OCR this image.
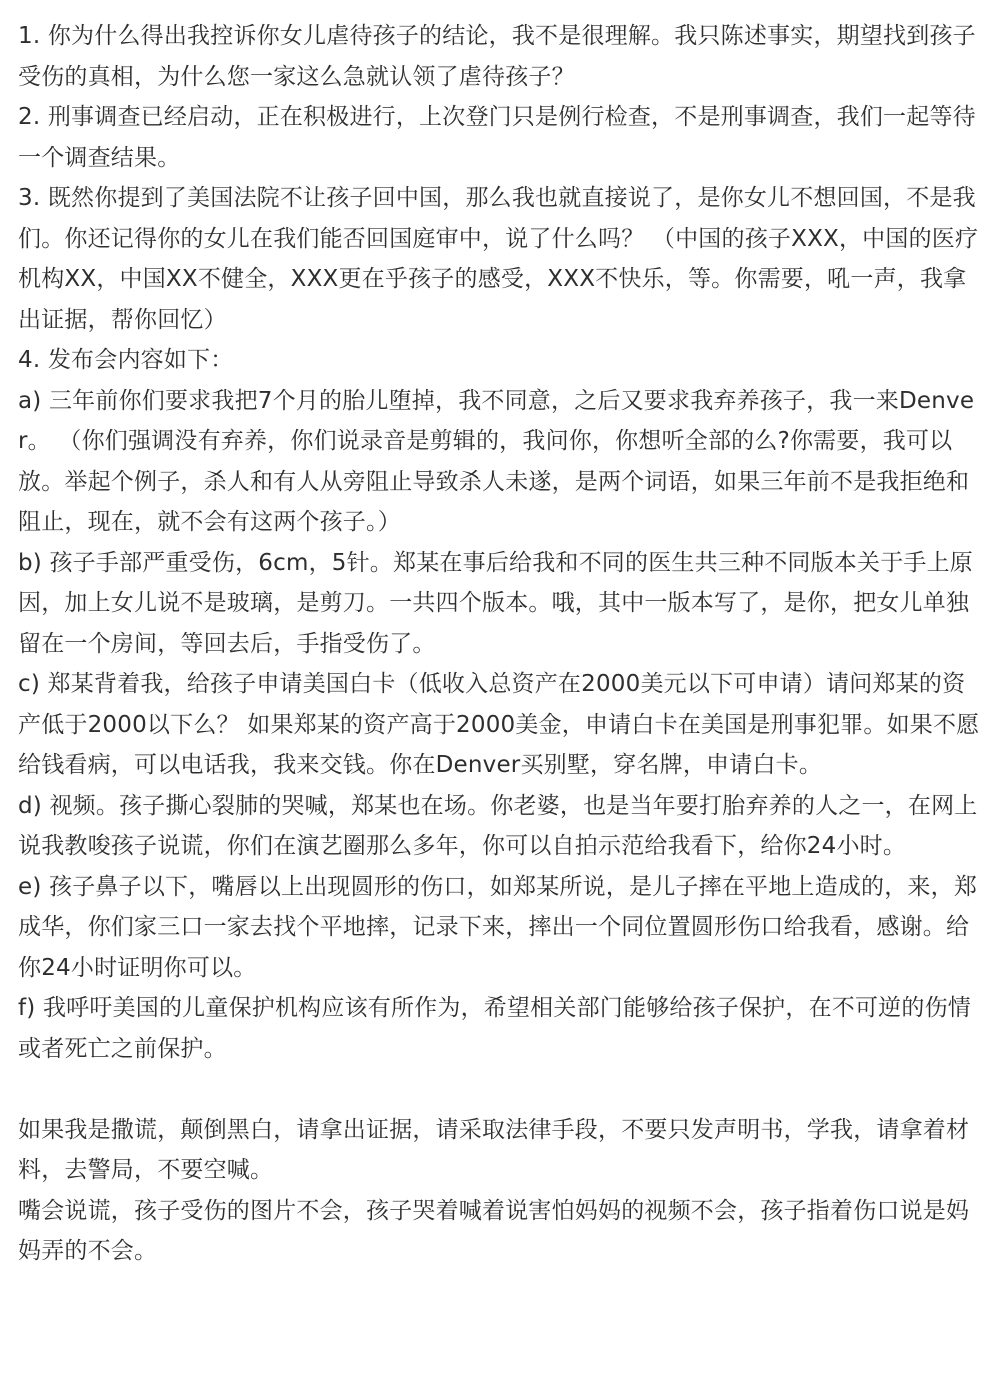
1. 你为什么得出我控诉你女儿虐待孩子的结论，我不是很理解。我只陈述事实，期望找到孩子受伤的真相，为什么您一家这么急就认领了虐待孩子？

2. 刑事调查已经启动，正在积极进行，上次登门只是例行检查，不是刑事调查，我们一起等待一个调查结果。

3. 既然你提到了美国法院不让孩子回中国，那么我也就直接说了，是你女儿不想回国，不是我们。你还记得你的女儿在我们能否回国庭审中，说了什么吗？ （中国的孩子XXX，中国的医疗机构XX，中国XX不健全，XXX更在乎孩子的感受，XXX不快乐，等。你需要，吼一声，我拿出证据，帮你回忆）

4. 发布会内容如下：

a) 三年前你们要求我把7个月的胎儿堕掉，我不同意，之后又要求我弃养孩子，我一来Denver。 （你们强调没有弃养，你们说录音是剪辑的，我问你，你想听全部的么?你需要，我可以放。举起个例子，杀人和有人从旁阻止导致杀人未遂，是两个词语，如果三年前不是我拒绝和阻止，现在，就不会有这两个孩子。）

b) 孩子手部严重受伤，6cm，5针。郑某在事后给我和不同的医生共三种不同版本关于手上原因，加上女儿说不是玻璃，是剪刀。一共四个版本。哦，其中一版本写了，是你，把女儿单独留在一个房间，等回去后，手指受伤了。

c) 郑某背着我，给孩子申请美国白卡（低收入总资产在2000美元以下可申请）请问郑某的资产低于2000以下么？ 如果郑某的资产高于2000美金，申请白卡在美国是刑事犯罪。如果不愿给钱看病，可以电话我，我来交钱。你在Denver买别墅，穿名牌，申请白卡。

d) 视频。孩子撕心裂肺的哭喊，郑某也在场。你老婆，也是当年要打胎弃养的人之一，在网上说我教唆孩子说谎，你们在演艺圈那么多年，你可以自拍示范给我看下，给你24小时。

e) 孩子鼻子以下，嘴唇以上出现圆形的伤口，如郑某所说，是儿子摔在平地上造成的，来，郑成华，你们家三口一家去找个平地摔，记录下来，摔出一个同位置圆形伤口给我看，感谢。给你24小时证明你可以。

f) 我呼吁美国的儿童保护机构应该有所作为，希望相关部门能够给孩子保护，在不可逆的伤情或者死亡之前保护。

如果我是撒谎，颠倒黑白，请拿出证据，请采取法律手段，不要只发声明书，学我，请拿着材料，去警局，不要空喊。

嘴会说谎，孩子受伤的图片不会，孩子哭着喊着说害怕妈妈的视频不会，孩子指着伤口说是妈妈弄的不会。
